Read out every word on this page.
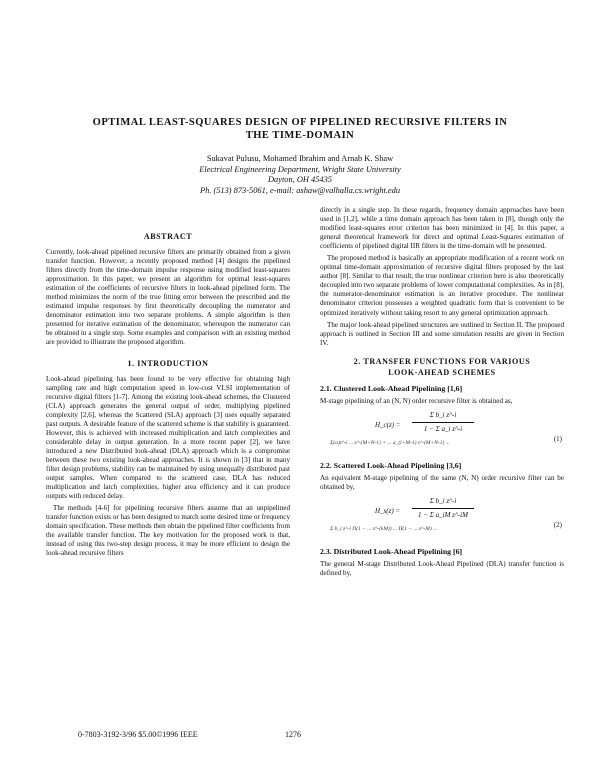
OPTIMAL LEAST-SQUARES DESIGN OF PIPELINED RECURSIVE FILTERS IN
THE TIME-DOMAIN
Sukavat Pulusu, Mohamed Ibrahim and Arnab K. Shaw
Electrical Engineering Department, Wright State University
Dayton, OH 45435
Ph. (513) 873-5061, e-mail: ashaw@valhalla.cs.wright.edu
ABSTRACT

Currently, look-ahead pipelined recursive filters are primarily obtained from a given transfer function. However, a recently proposed method [4] designs the pipelined filters directly from the time-domain impulse response using modified least-squares approximation. In this paper, we present an algorithm for optimal least-squares estimation of the coefficients of recursive filters in look-ahead pipelined form. The method minimizes the norm of the true fitting error between the prescribed and the estimated impulse responses by first theoretically decoupling the numerator and denominator estimation into two separate problems. A simple algorithm is then presented for iterative estimation of the denominator, whereupon the numerator can be obtained in a single step. Some examples and comparison with an existing method are provided to illustrate the proposed algorithm.

1. INTRODUCTION

Look-ahead pipelining has been found to be very effective for obtaining high sampling rate and high computation speed in low-cost VLSI implementation of recursive digital filters [1-7]. Among the existing look-ahead schemes, the Clustered (CLA) approach generates the general output of order, multiplying pipelined complexity [2,6], whereas the Scattered (SLA) approach [3] uses equally separated past outputs. A desirable feature of the scattered scheme is that stability is guaranteed. However, this is achieved with increased multiplication and latch complexities and considerable delay in output generation. In a more recent paper [2], we have introduced a new Distributed look-ahead (DLA) approach which is a compromise between these two existing look-ahead approaches. It is shown in [3] that in many filter design problems, stability can be maintained by using unequally distributed past output samples. When compared to the scattered case, DLA has reduced multiplication and latch complexities, higher area efficiency and it can produce outputs with reduced delay.

The methods [4-6] for pipelining recursive filters assume that an unpipelined transfer function exists or has been designed to match some desired time or frequency domain specification. These methods then obtain the pipelined filter coefficients from the available transfer function. The key motivation for the proposed work is that, instead of using this two-step design process, it may be more efficient to design the look-ahead recursive filters

directly in a single step. In these regards, frequency domain approaches have been used in [1,2], while a time domain approach has been taken in [8], though only the modified least-squares error criterion has been minimized in [4]. In this paper, a general theoretical framework for direct and optimal Least-Squares estimation of coefficients of pipelined digital IIR filters in the time-domain will be presented.

The proposed method is basically an appropriate modification of a recent work on optimal time-domain approximation of recursive digital filters proposed by the last author [8]. Similar to that result, the true nonlinear criterion here is also theoretically decoupled into two separate problems of lower computational complexities. As in [8], the numerator-denominator estimation is an iterative procedure. The nonlinear denominator criterion possesses a weighted quadratic form that is convenient to be optimized iteratively without taking resort to any general optimization approach.

The major look-ahead pipelined structures are outlined in Section II. The proposed approach is outlined in Section III and some simulation results are given in Section IV.

2. TRANSFER FUNCTIONS FOR VARIOUS
LOOK-AHEAD SCHEMES
2.1. Clustered Look-Ahead Pipelining [1,6]

M-stage pipelining of an (N, N) order recursive filter is obtained as,

H_c(z) =
Σ b_i z^-i
1 − Σ a_i z^-i
Σ(a)z^-i ... z^-(M+N-1) + ... a_(i+M-1) z^-(M+N-1) ...	(1)
2.2. Scattered Look-Ahead Pipelining [3,6]

An equivalent M-stage pipelining of the same (N, N) order recursive filter can be obtained by,

H_s(z) =
Σ b_i z^-i
1 − Σ a_iM z^-iM
Σ b_i z^-i Π(1 − ... z^-(kM)) ... Π(1 − ... z^-M) ...	(2)
2.3. Distributed Look-Ahead Pipelining [6]

The general M-stage Distributed Look-Ahead Pipelined (DLA) transfer function is defined by,

0-7803-3192-3/96 $5.00©1996 IEEE	1276
